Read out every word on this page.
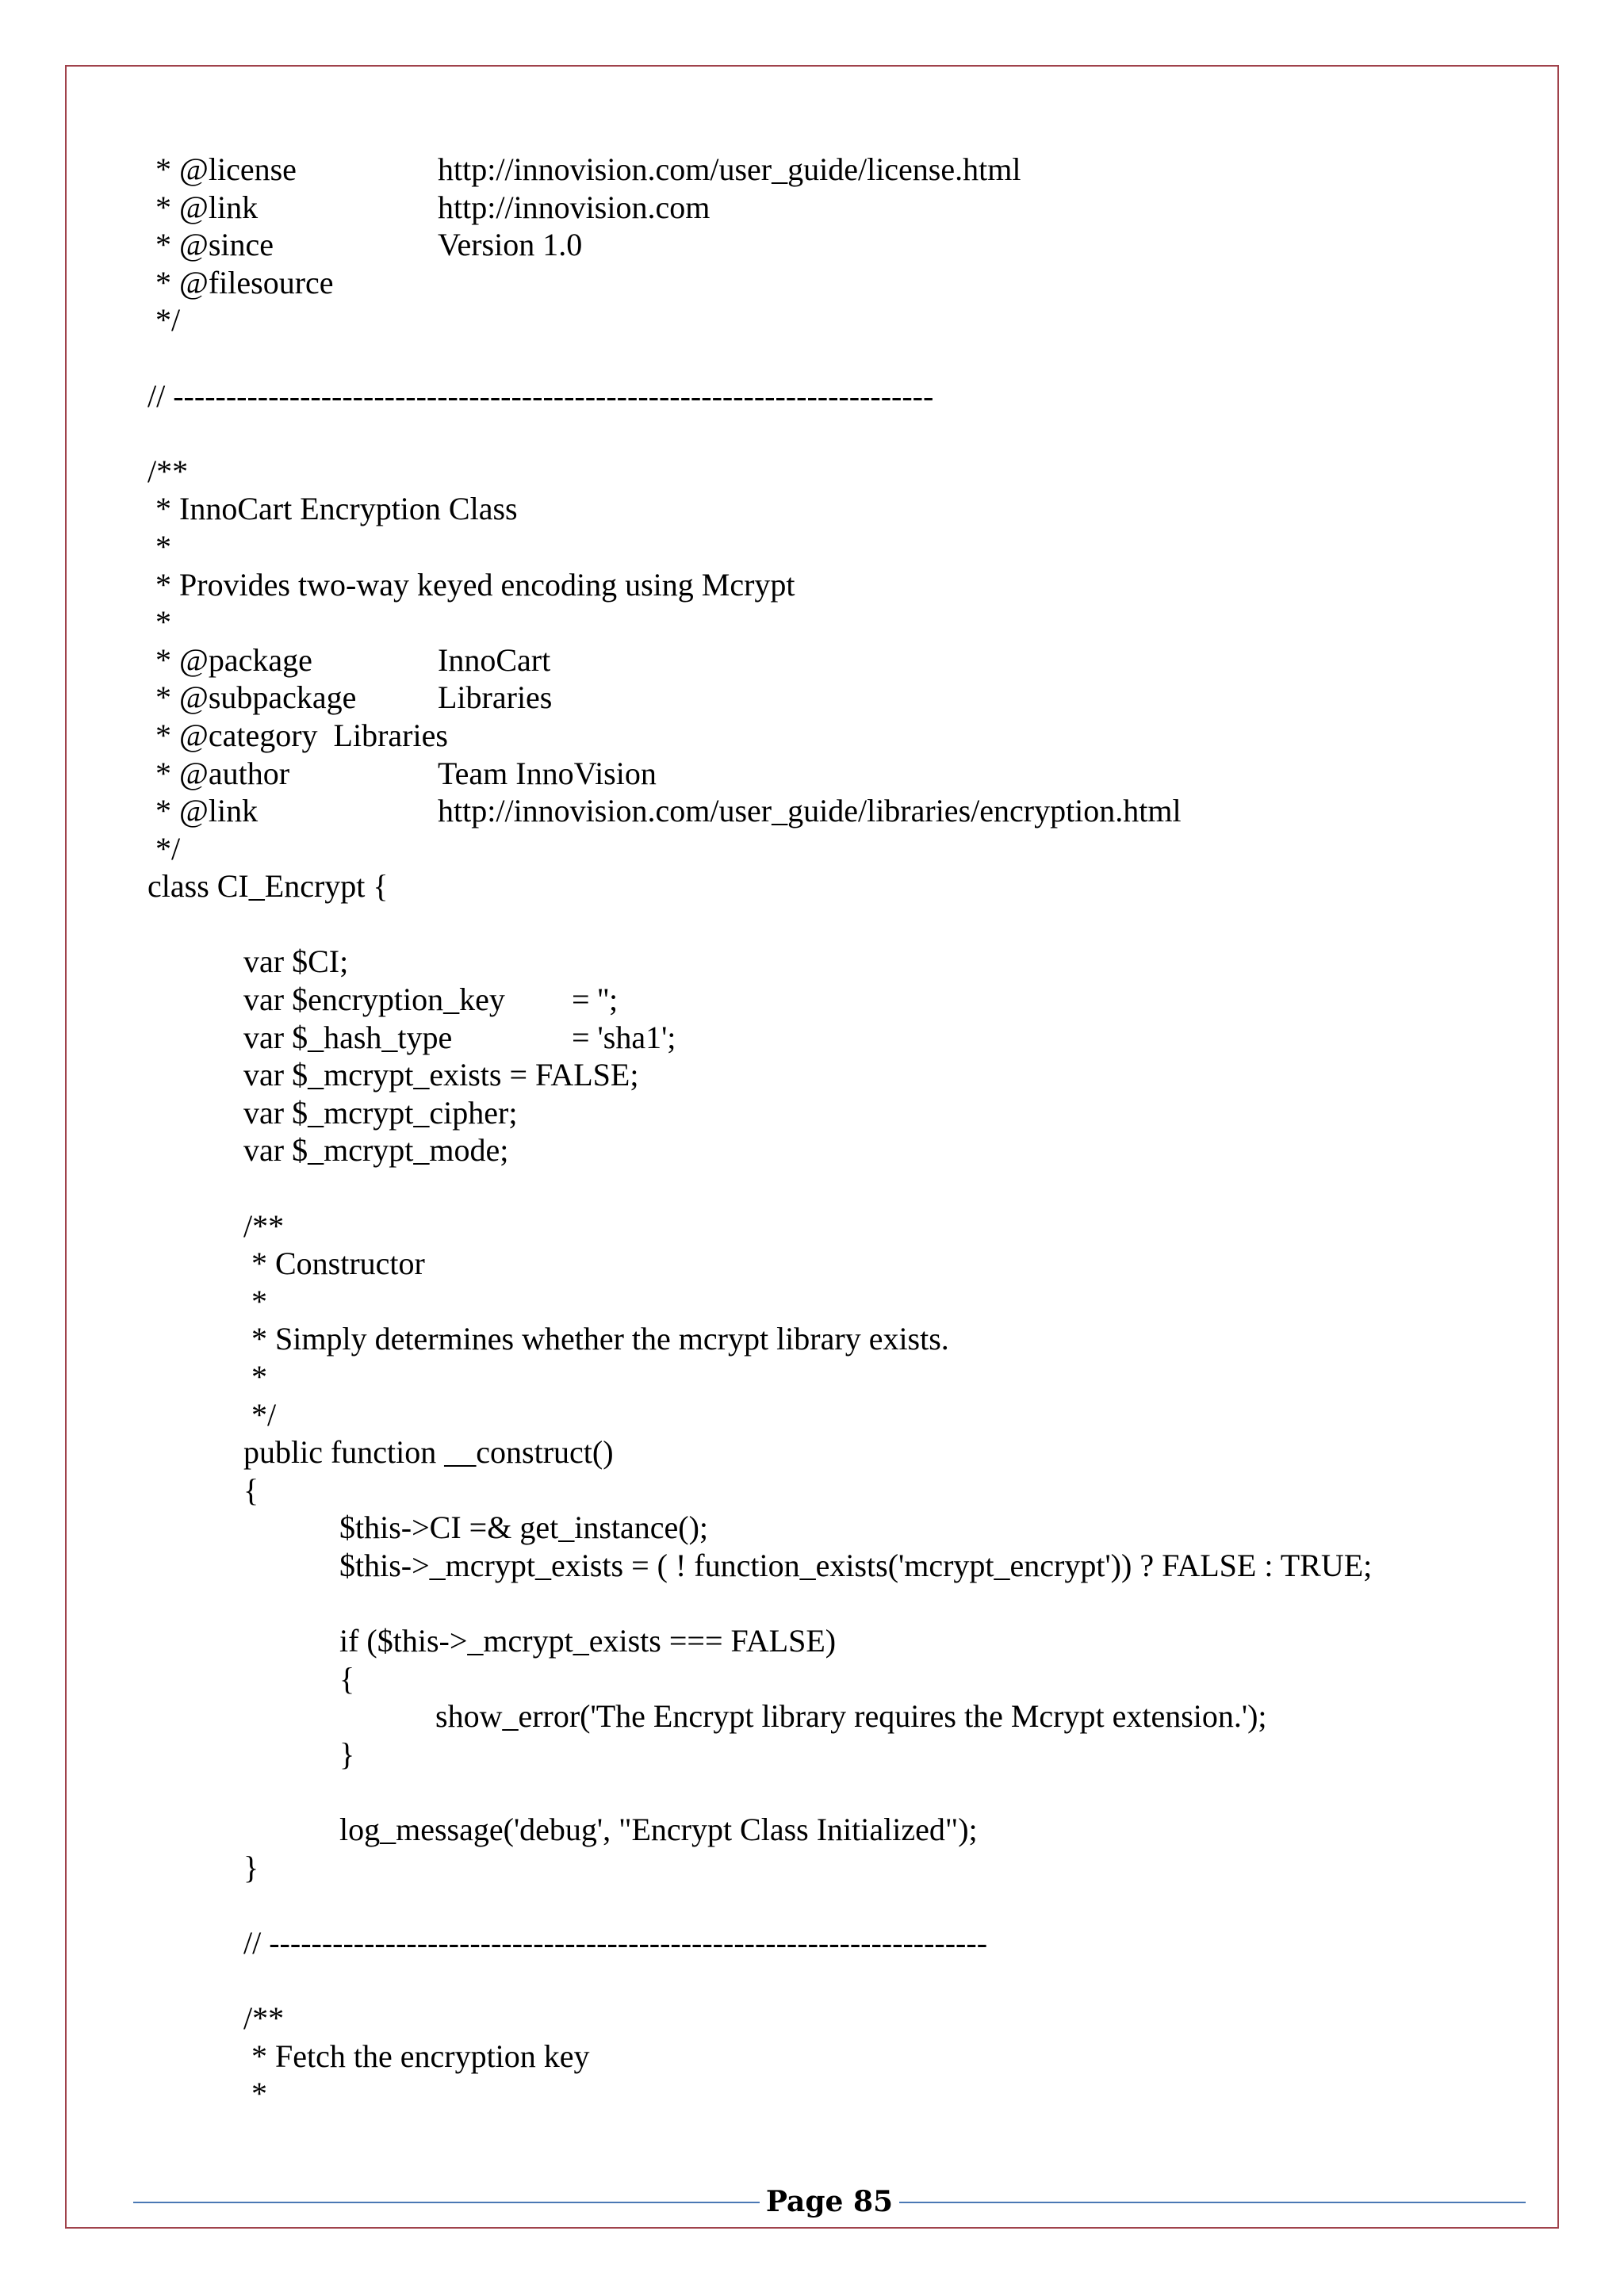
* @license	http://innovision.com/user_guide/license.html
* @link	http://innovision.com
* @since	Version 1.0
* @filesource
*/
// ------------------------------------------------------------------------
/**
* InnoCart Encryption Class
*
* Provides two-way keyed encoding using Mcrypt
*
* @package	InnoCart
* @subpackage	Libraries
* @category  Libraries
* @author	Team InnoVision
* @link	http://innovision.com/user_guide/libraries/encryption.html
*/
class CI_Encrypt {
var $CI;
var $encryption_key = '';
var $_hash_type	= 'sha1';
var $_mcrypt_exists = FALSE;
var $_mcrypt_cipher;
var $_mcrypt_mode;
/**
* Constructor
*
* Simply determines whether the mcrypt library exists.
*
*/
public function __construct()
{
$this->CI =& get_instance();
$this->_mcrypt_exists = ( ! function_exists('mcrypt_encrypt')) ? FALSE : TRUE;
if ($this->_mcrypt_exists === FALSE)
{
show_error('The Encrypt library requires the Mcrypt extension.');
}
log_message('debug', "Encrypt Class Initialized");
}
// --------------------------------------------------------------------
/**
* Fetch the encryption key
*
Page 85
